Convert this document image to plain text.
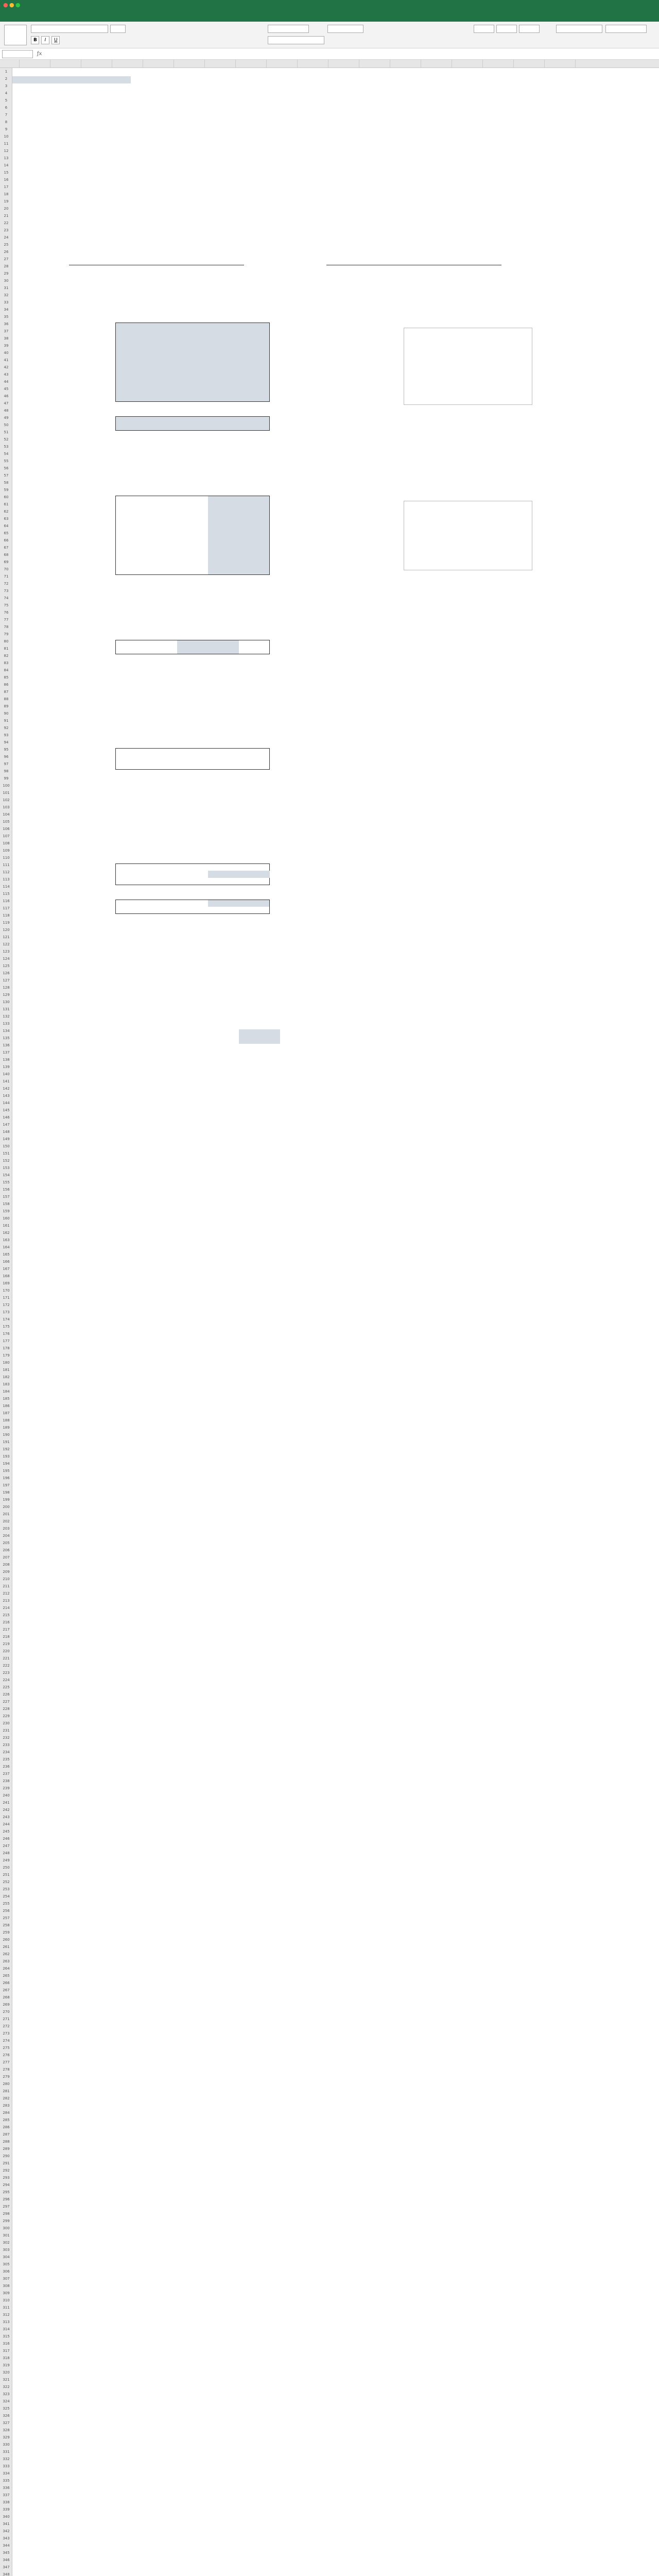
● ● ●
B	I	U
ƒx
1
2
3
4
5
6
7
8
9
10
11
12
13
14
15
16
17
18
19
20
21
22
23
24
25
26
27
28
29
30
31
32
33
34
35
36
37
38
39
40
41
42
43
44
45
46
47
48
49
50
51
52
53
54
55
56
57
58
59
60
61
62
63
64
65
66
67
68
69
70
71
72
73
74
75
76
77
78
79
80
81
82
83
84
85
86
87
88
89
90
91
92
93
94
95
96
97
98
99
100
101
102
103
104
105
106
107
108
109
110
111
112
113
114
115
116
117
118
119
120
121
122
123
124
125
126
127
128
129
130
131
132
133
134
135
136
137
138
139
140
141
142
143
144
145
146
147
148
149
150
151
152
153
154
155
156
157
158
159
160
161
162
163
164
165
166
167
168
169
170
171
172
173
174
175
176
177
178
179
180
181
182
183
184
185
186
187
188
189
190
191
192
193
194
195
196
197
198
199
200
201
202
203
204
205
206
207
208
209
210
211
212
213
214
215
216
217
218
219
220
221
222
223
224
225
226
227
228
229
230
231
232
233
234
235
236
237
238
239
240
241
242
243
244
245
246
247
248
249
250
251
252
253
254
255
256
257
258
259
260
261
262
263
264
265
266
267
268
269
270
271
272
273
274
275
276
277
278
279
280
281
282
283
284
285
286
287
288
289
290
291
292
293
294
295
296
297
298
299
300
301
302
303
304
305
306
307
308
309
310
311
312
313
314
315
316
317
318
319
320
321
322
323
324
325
326
327
328
329
330
331
332
333
334
335
336
337
338
339
340
341
342
343
344
345
346
347
348
